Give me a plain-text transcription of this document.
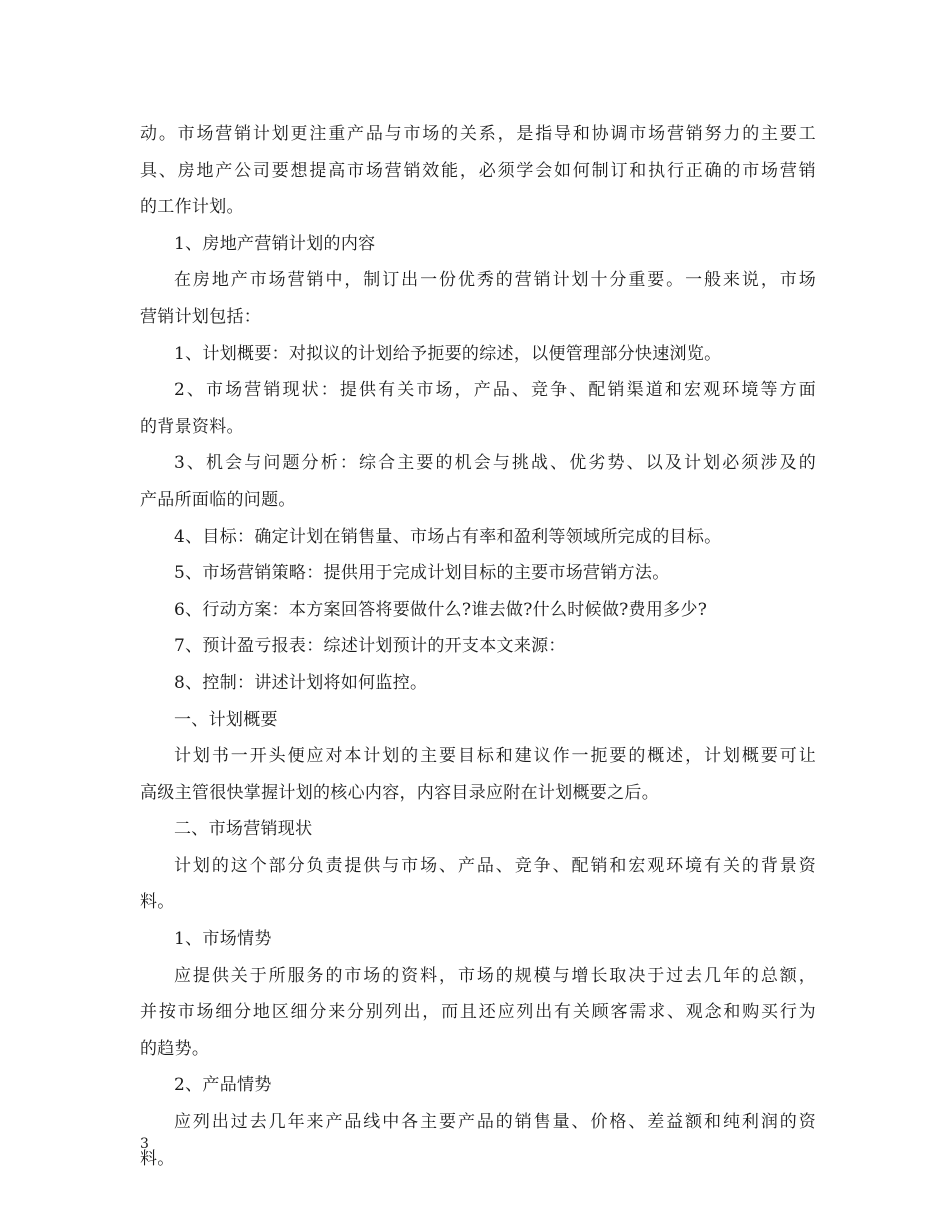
动。市场营销计划更注重产品与市场的关系，是指导和协调市场营销努力的主要工
具、房地产公司要想提高市场营销效能，必须学会如何制订和执行正确的市场营销
的工作计划。
1、房地产营销计划的内容
在房地产市场营销中，制订出一份优秀的营销计划十分重要。一般来说，市场
营销计划包括：
1、计划概要：对拟议的计划给予扼要的综述，以便管理部分快速浏览。
2、市场营销现状：提供有关市场，产品、竞争、配销渠道和宏观环境等方面
的背景资料。
3、机会与问题分析：综合主要的机会与挑战、优劣势、以及计划必须涉及的
产品所面临的问题。
4、目标：确定计划在销售量、市场占有率和盈利等领域所完成的目标。
5、市场营销策略：提供用于完成计划目标的主要市场营销方法。
6、行动方案：本方案回答将要做什么?谁去做?什么时候做?费用多少?
7、预计盈亏报表：综述计划预计的开支本文来源：
8、控制：讲述计划将如何监控。
一、计划概要
计划书一开头便应对本计划的主要目标和建议作一扼要的概述，计划概要可让
高级主管很快掌握计划的核心内容，内容目录应附在计划概要之后。
二、市场营销现状
计划的这个部分负责提供与市场、产品、竞争、配销和宏观环境有关的背景资
料。
1、市场情势
应提供关于所服务的市场的资料，市场的规模与增长取决于过去几年的总额，
并按市场细分地区细分来分别列出，而且还应列出有关顾客需求、观念和购买行为
的趋势。
2、产品情势
应列出过去几年来产品线中各主要产品的销售量、价格、差益额和纯利润的资
料。
3
